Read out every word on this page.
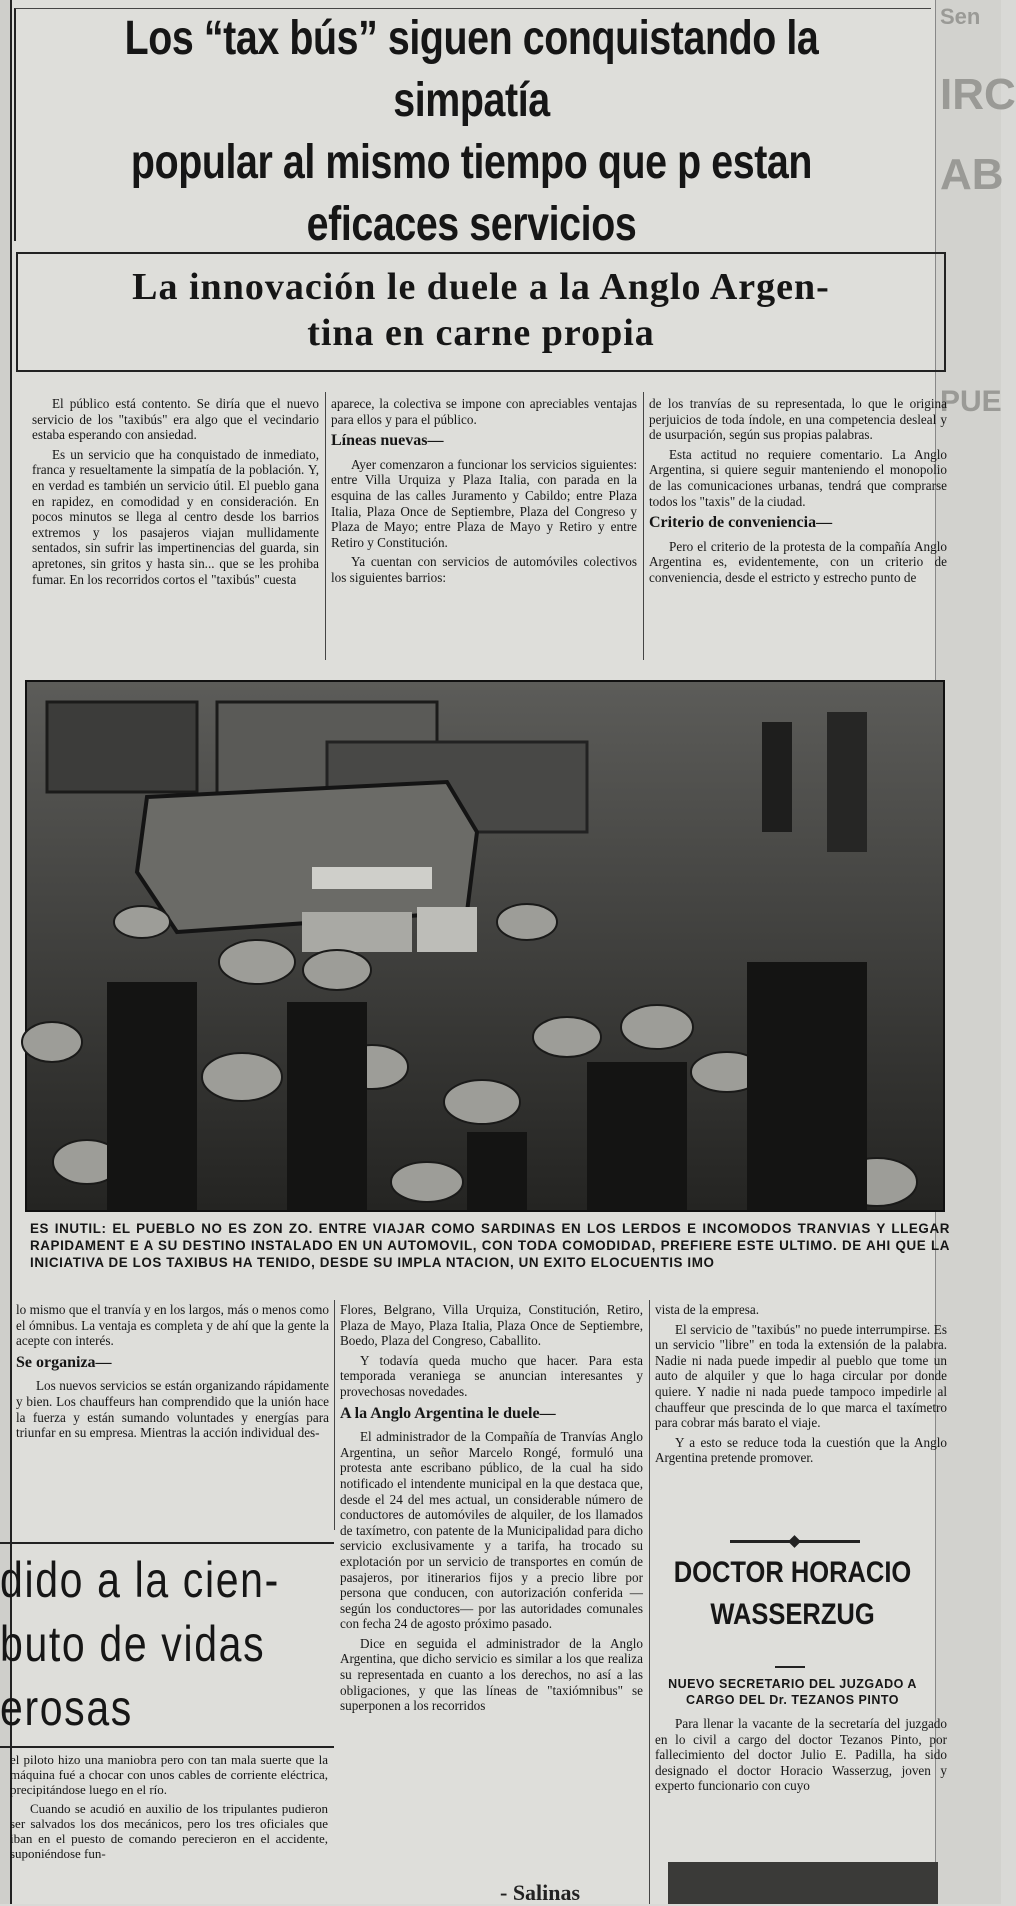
Sen
IRC
AB
PUE
Los “tax bús” siguen conquistando la simpatía
popular al mismo tiempo que p estan
eficaces servicios
La innovación le duele a la Anglo Argen-
tina en carne propia

El público está contento. Se diría que el nuevo servicio de los "taxibús" era algo que el vecindario estaba esperando con ansiedad.

Es un servicio que ha conquistado de inmediato, franca y resueltamente la simpatía de la población. Y, en verdad es también un servicio útil. El pueblo gana en rapidez, en comodidad y en consideración. En pocos minutos se llega al centro desde los barrios extremos y los pasajeros viajan mullidamente sentados, sin sufrir las impertinencias del guarda, sin apretones, sin gritos y hasta sin... que se les prohiba fumar. En los recorridos cortos el "taxibús" cuesta

aparece, la colectiva se impone con apreciables ventajas para ellos y para el público.

Líneas nuevas—

Ayer comenzaron a funcionar los servicios siguientes: entre Villa Urquiza y Plaza Italia, con parada en la esquina de las calles Juramento y Cabildo; entre Plaza Italia, Plaza Once de Septiembre, Plaza del Congreso y Plaza de Mayo; entre Plaza de Mayo y Retiro y entre Retiro y Constitución.

Ya cuentan con servicios de automóviles colectivos los siguientes barrios:

de los tranvías de su representada, lo que le origina perjuicios de toda índole, en una competencia desleal y de usurpación, según sus propias palabras.

Esta actitud no requiere comentario. La Anglo Argentina, si quiere seguir manteniendo el monopolio de las comunicaciones urbanas, tendrá que comprarse todos los "taxis" de la ciudad.

Criterio de conveniencia—

Pero el criterio de la protesta de la compañía Anglo Argentina es, evidentemente, con un criterio de conveniencia, desde el estricto y estrecho punto de

ES INUTIL: EL PUEBLO NO ES ZON ZO. ENTRE VIAJAR COMO SARDINAS EN LOS LERDOS E INCOMODOS TRANVIAS Y LLEGAR RAPIDAMENT E A SU DESTINO INSTALADO EN UN AUTOMOVIL, CON TODA COMODIDAD, PREFIERE ESTE ULTIMO. DE AHI QUE LA INICIATIVA DE LOS TAXIBUS HA TENIDO, DESDE SU IMPLA NTACION, UN EXITO ELOCUENTIS IMO

lo mismo que el tranvía y en los largos, más o menos como el ómnibus. La ventaja es completa y de ahí que la gente la acepte con interés.

Se organiza—

Los nuevos servicios se están organizando rápidamente y bien. Los chauffeurs han comprendido que la unión hace la fuerza y están sumando voluntades y energías para triunfar en su empresa. Mientras la acción individual des-

Flores, Belgrano, Villa Urquiza, Constitución, Retiro, Plaza de Mayo, Plaza Italia, Plaza Once de Septiembre, Boedo, Plaza del Congreso, Caballito.

Y todavía queda mucho que hacer. Para esta temporada veraniega se anuncian interesantes y provechosas novedades.

A la Anglo Argentina le duele—

El administrador de la Compañía de Tranvías Anglo Argentina, un señor Marcelo Rongé, formuló una protesta ante escribano público, de la cual ha sido notificado el intendente municipal en la que destaca que, desde el 24 del mes actual, un considerable número de conductores de automóviles de alquiler, de los llamados de taxímetro, con patente de la Municipalidad para dicho servicio exclusivamente y a tarifa, ha trocado su explotación por un servicio de transportes en común de pasajeros, por itinerarios fijos y a precio libre por persona que conducen, con autorización conferida —según los conductores— por las autoridades comunales con fecha 24 de agosto próximo pasado.

Dice en seguida el administrador de la Anglo Argentina, que dicho servicio es similar a los que realiza su representada en cuanto a los derechos, no así a las obligaciones, y que las líneas de "taxiómnibus" se superponen a los recorridos

vista de la empresa.

El servicio de "taxibús" no puede interrumpirse. Es un servicio "libre" en toda la extensión de la palabra. Nadie ni nada puede impedir al pueblo que tome un auto de alquiler y que lo haga circular por donde quiere. Y nadie ni nada puede tampoco impedirle al chauffeur que prescinda de lo que marca el taxímetro para cobrar más barato el viaje.

Y a esto se reduce toda la cuestión que la Anglo Argentina pretende promover.

dido a la cien-
buto de vidas
erosas

el piloto hizo una maniobra pero con tan mala suerte que la máquina fué a chocar con unos cables de corriente eléctrica, precipitándose luego en el río.

Cuando se acudió en auxilio de los tripulantes pudieron ser salvados los dos mecánicos, pero los tres oficiales que iban en el puesto de comando perecieron en el accidente, suponiéndose fun-

- Salinas
DOCTOR HORACIO
WASSERZUG
NUEVO SECRETARIO DEL JUZGADO A CARGO DEL Dr. TEZANOS PINTO

Para llenar la vacante de la secretaría del juzgado en lo civil a cargo del doctor Tezanos Pinto, por fallecimiento del doctor Julio E. Padilla, ha sido designado el doctor Horacio Wasserzug, joven y experto funcionario con cuyo
